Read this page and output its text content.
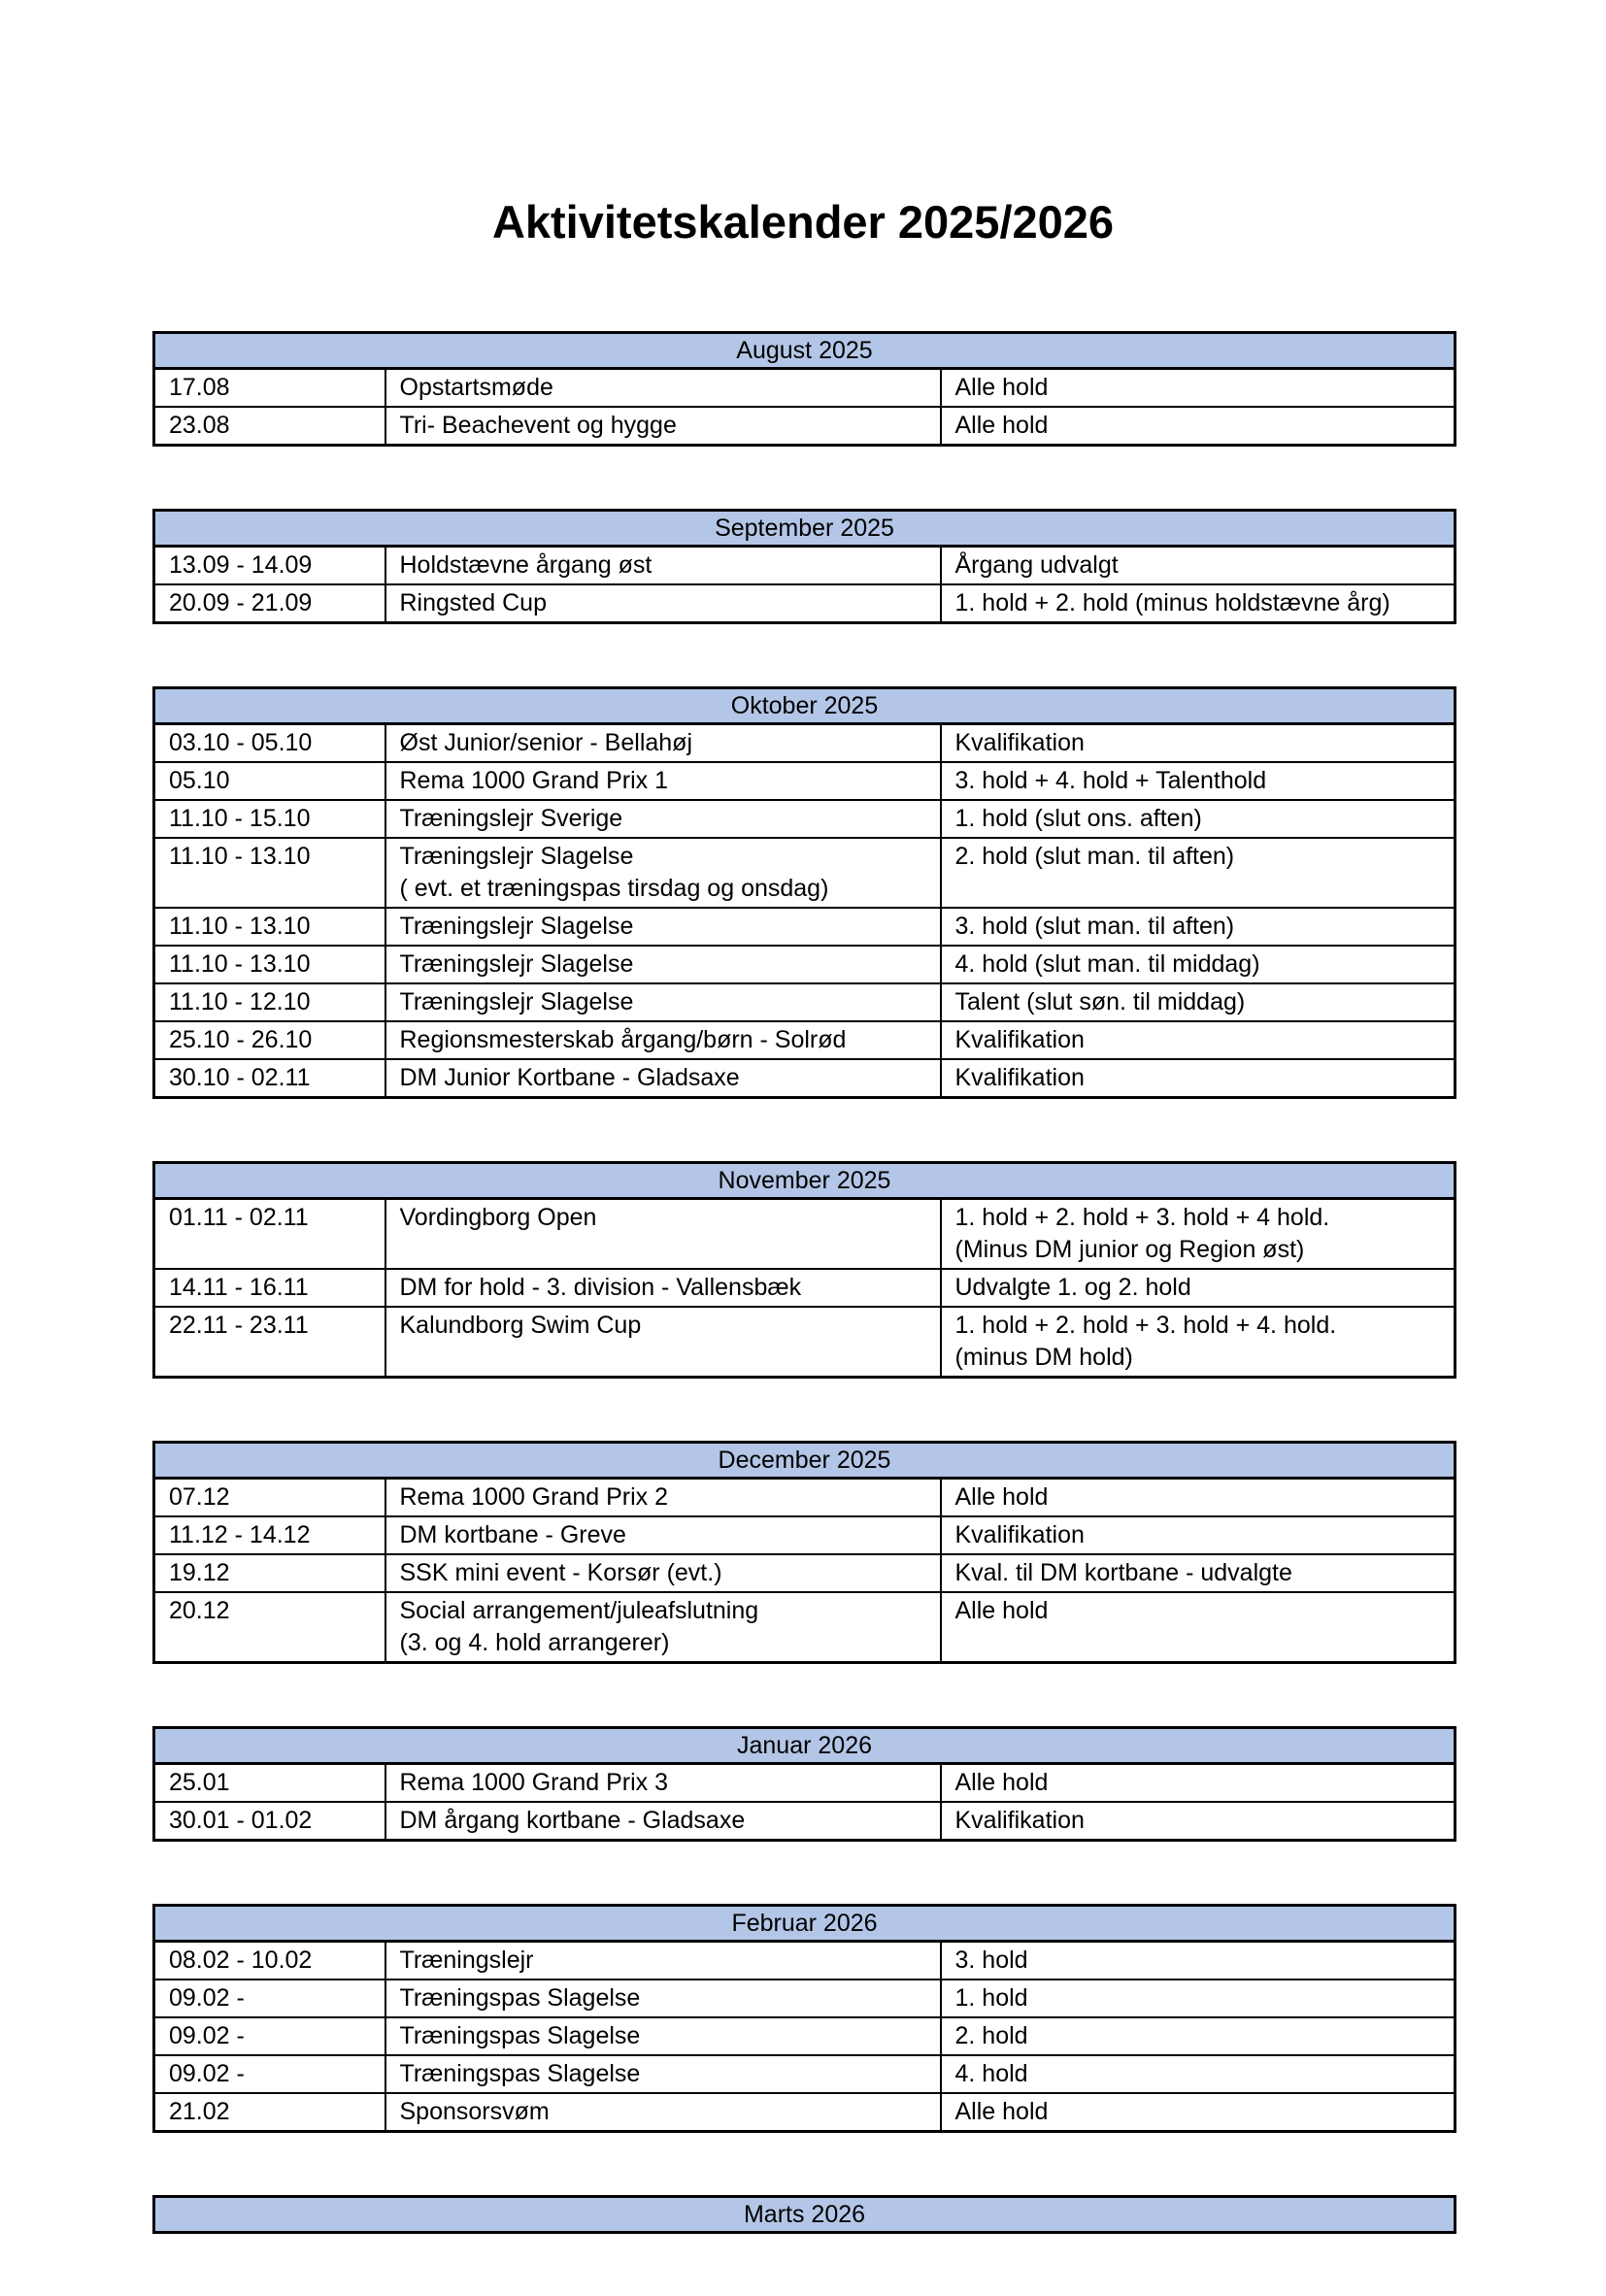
Aktivitetskalender 2025/2026
August 2025		
17.08	Opstartsmøde	Alle hold

23.08	Tri- Beachevent og hygge	Alle hold
September 2025		
13.09 - 14.09	Holdstævne årgang øst	Årgang udvalgt

20.09 - 21.09	Ringsted Cup	1. hold + 2. hold (minus holdstævne årg)
Oktober 2025		
03.10 - 05.10	Øst Junior/senior - Bellahøj	Kvalifikation

05.10	Rema 1000 Grand Prix 1	3. hold + 4. hold + Talenthold

11.10 - 15.10	Træningslejr Sverige	1. hold (slut ons. aften)

11.10 - 13.10	Træningslejr Slagelse
( evt. et træningspas tirsdag og onsdag)	2. hold (slut man. til aften)

11.10 - 13.10	Træningslejr Slagelse	3. hold (slut man. til aften)

11.10 - 13.10	Træningslejr Slagelse	4. hold (slut man. til middag)

11.10 - 12.10	Træningslejr Slagelse	Talent (slut søn. til middag)

25.10 - 26.10	Regionsmesterskab årgang/børn - Solrød	Kvalifikation

30.10 - 02.11	DM Junior Kortbane - Gladsaxe	Kvalifikation
November 2025		
01.11 - 02.11	Vordingborg Open	1. hold + 2. hold + 3. hold + 4 hold.
(Minus DM junior og Region øst)

14.11 - 16.11	DM for hold - 3. division - Vallensbæk	Udvalgte 1. og 2. hold

22.11 - 23.11	Kalundborg Swim Cup	1. hold + 2. hold + 3. hold + 4. hold.
(minus DM hold)
December 2025		
07.12	Rema 1000 Grand Prix 2	Alle hold

11.12 - 14.12	DM kortbane - Greve	Kvalifikation

19.12	SSK mini event - Korsør (evt.)	Kval. til DM kortbane - udvalgte

20.12	Social arrangement/juleafslutning
(3. og 4. hold arrangerer)	Alle hold
Januar 2026		
25.01	Rema 1000 Grand Prix 3	Alle hold

30.01 - 01.02	DM årgang kortbane - Gladsaxe	Kvalifikation
Februar 2026		
08.02 - 10.02	Træningslejr	3. hold

09.02 -	Træningspas Slagelse	1. hold

09.02 -	Træningspas Slagelse	2. hold

09.02 -	Træningspas Slagelse	4. hold

21.02	Sponsorsvøm	Alle hold
Marts 2026
